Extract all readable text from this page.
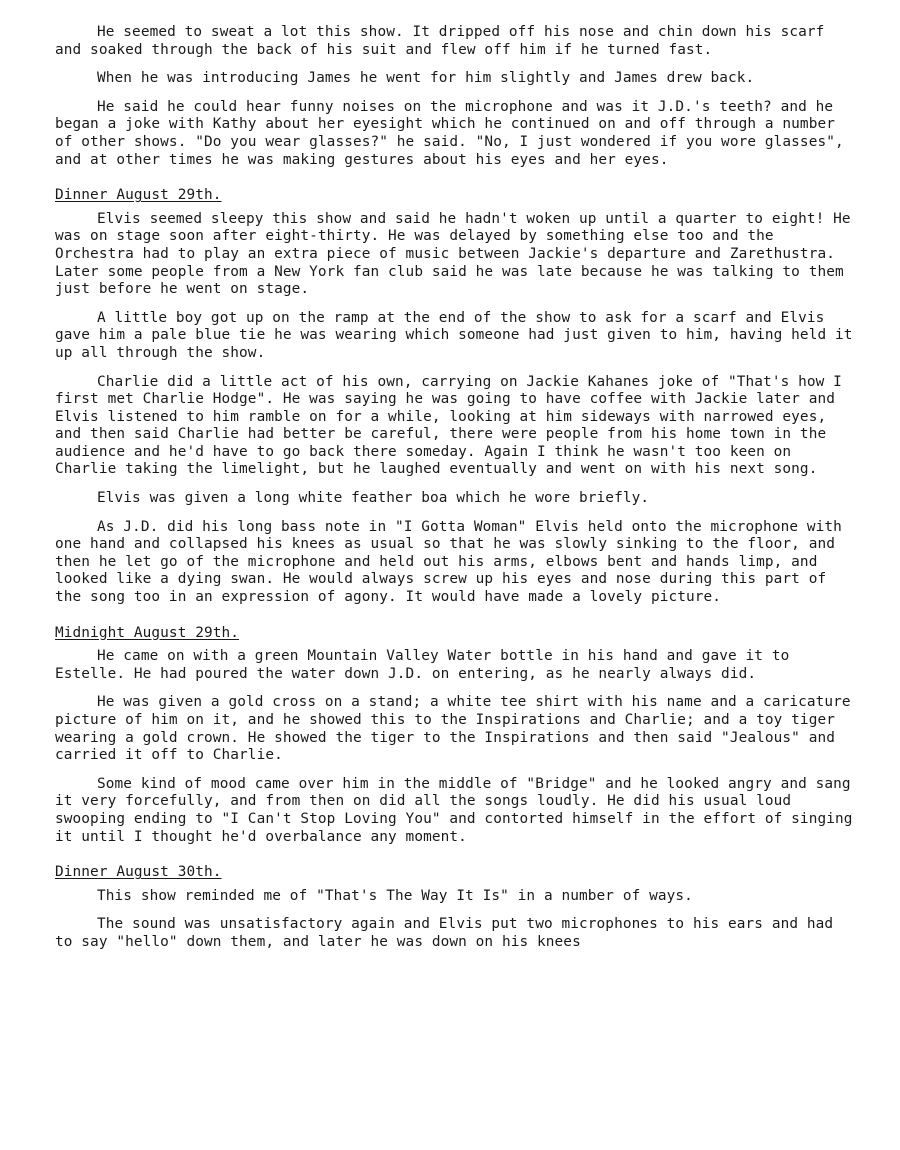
He seemed to sweat a lot this show. It dripped off his nose and chin down his scarf and soaked through the back of his suit and flew off him if he turned fast.

When he was introducing James he went for him slightly and James drew back.

He said he could hear funny noises on the microphone and was it J.D.'s teeth? and he began a joke with Kathy about her eyesight which he continued on and off through a number of other shows. "Do you wear glasses?" he said. "No, I just wondered if you wore glasses", and at other times he was making gestures about his eyes and her eyes.

Dinner August 29th.

Elvis seemed sleepy this show and said he hadn't woken up until a quarter to eight! He was on stage soon after eight-thirty. He was delayed by something else too and the Orchestra had to play an extra piece of music between Jackie's departure and Zarethustra. Later some people from a New York fan club said he was late because he was talking to them just before he went on stage.

A little boy got up on the ramp at the end of the show to ask for a scarf and Elvis gave him a pale blue tie he was wearing which someone had just given to him, having held it up all through the show.

Charlie did a little act of his own, carrying on Jackie Kahanes joke of "That's how I first met Charlie Hodge". He was saying he was going to have coffee with Jackie later and Elvis listened to him ramble on for a while, looking at him sideways with narrowed eyes, and then said Charlie had better be careful, there were people from his home town in the audience and he'd have to go back there someday. Again I think he wasn't too keen on Charlie taking the limelight, but he laughed eventually and went on with his next song.

Elvis was given a long white feather boa which he wore briefly.

As J.D. did his long bass note in "I Gotta Woman" Elvis held onto the microphone with one hand and collapsed his knees as usual so that he was slowly sinking to the floor, and then he let go of the microphone and held out his arms, elbows bent and hands limp, and looked like a dying swan. He would always screw up his eyes and nose during this part of the song too in an expression of agony. It would have made a lovely picture.

Midnight August 29th.

He came on with a green Mountain Valley Water bottle in his hand and gave it to Estelle. He had poured the water down J.D. on entering, as he nearly always did.

He was given a gold cross on a stand; a white tee shirt with his name and a caricature picture of him on it, and he showed this to the Inspirations and Charlie; and a toy tiger wearing a gold crown. He showed the tiger to the Inspirations and then said "Jealous" and carried it off to Charlie.

Some kind of mood came over him in the middle of "Bridge" and he looked angry and sang it very forcefully, and from then on did all the songs loudly. He did his usual loud swooping ending to "I Can't Stop Loving You" and contorted himself in the effort of singing it until I thought he'd overbalance any moment.

Dinner August 30th.

This show reminded me of "That's The Way It Is" in a number of ways.

The sound was unsatisfactory again and Elvis put two microphones to his ears and had to say "hello" down them, and later he was down on his knees
